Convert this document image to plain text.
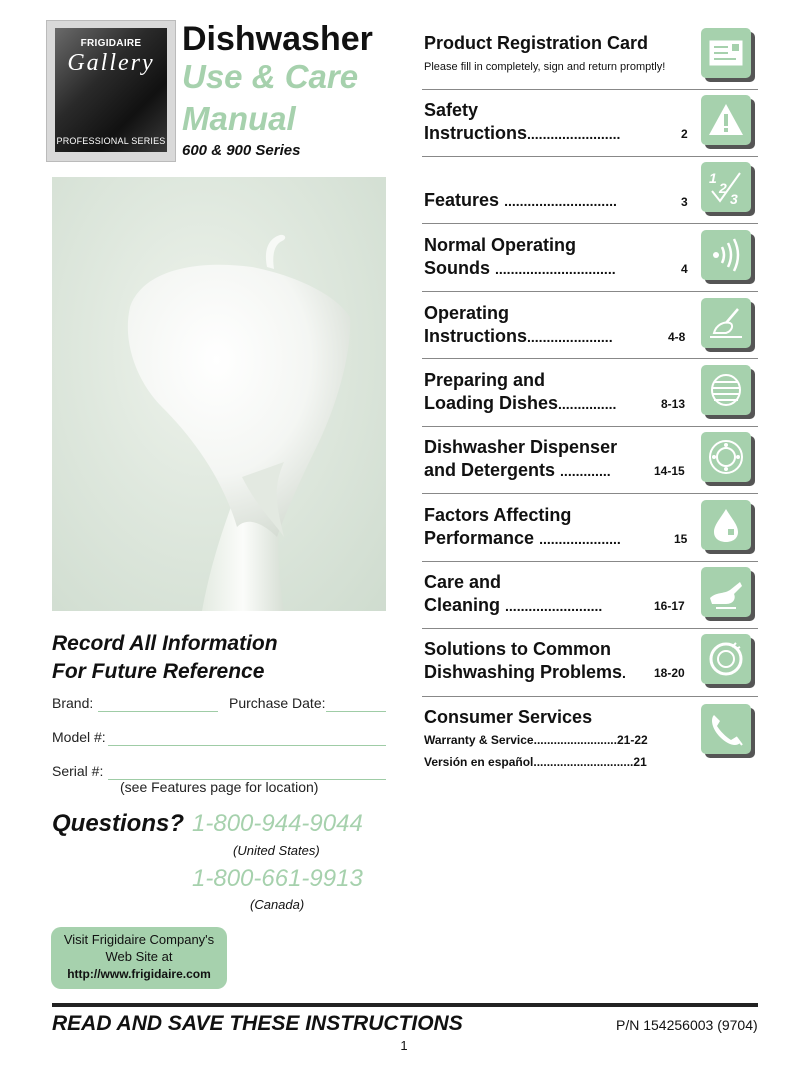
FRIGIDAIRE
Gallery
PROFESSIONAL SERIES
Dishwasher
Use & Care
Manual
600 & 900 Series
Record All Information
For Future Reference
Brand:	Purchase Date:
Model #:
Serial #:
(see Features page for location)
Questions? 1-800-944-9044
(United States)
1-800-661-9913
(Canada)
Visit Frigidaire Company's
Web Site at
http://www.frigidaire.com
Product Registration Card
Please fill in completely, sign and return promptly!
Safety
Instructions........................	2
Features .............................	3
1
2
3
Normal Operating
Sounds ...............................	4
Operating
Instructions......................	4-8
Preparing and
Loading Dishes...............	8-13
Dishwasher Dispenser
and Detergents .............	14-15
Factors Affecting
Performance .....................	15
Care and
Cleaning .........................	16-17
Solutions to Common
Dishwashing Problems. 18-20
Consumer Services
Warranty & Service.........................21-22
Versión en español..............................21
READ AND SAVE THESE INSTRUCTIONS	P/N 154256003 (9704)
1
